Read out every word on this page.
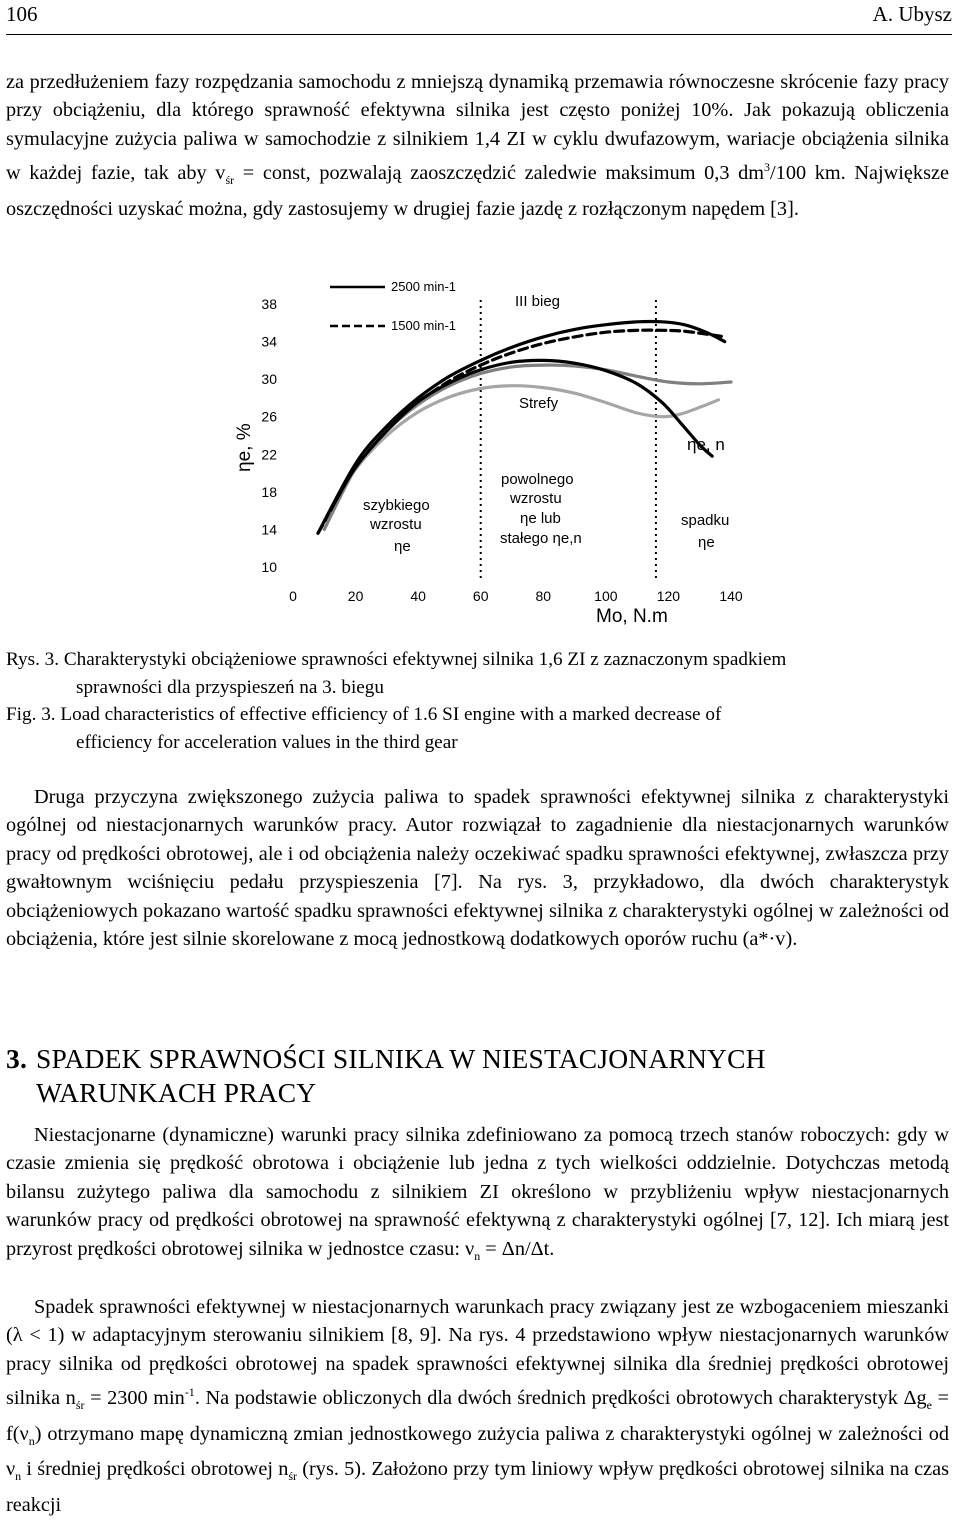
106	A. Ubysz

za przedłużeniem fazy rozpędzania samochodu z mniejszą dynamiką przemawia równoczesne skrócenie fazy pracy przy obciążeniu, dla którego sprawność efektywna silnika jest często poniżej 10%. Jak pokazują obliczenia symulacyjne zużycia paliwa w samochodzie z silnikiem 1,4 ZI w cyklu dwufazowym, wariacje obciążenia silnika w każdej fazie, tak aby $v_{śr}$ = const, pozwalają zaoszczędzić zaledwie maksimum 0,3 $dm^3/100$ km. Największe oszczędności uzyskać można, gdy zastosujemy w drugiej fazie jazdę z rozłączonym napędem [3].

38
34
30
26
22
18
14
10
0	20	40	60	80	100	120	140
2500 min-1
1500 min-1
III bieg
Strefy
szybkiego
wzrostu
ηe
powolnego
wzrostu
ηe lub
stałego ηe,n
spadku
ηe
ηe, n
ηe, %
Mo, N.m
Rys. 3. Charakterystyki obciążeniowe sprawności efektywnej silnika 1,6 ZI z zaznaczonym spadkiem
sprawności dla przyspieszeń na 3. biegu
Fig. 3. Load characteristics of effective efficiency of 1.6 SI engine with a marked decrease of
efficiency for acceleration values in the third gear

Druga przyczyna zwiększonego zużycia paliwa to spadek sprawności efektywnej silnika z charakterystyki ogólnej od niestacjonarnych warunków pracy. Autor rozwiązał to zagadnienie dla niestacjonarnych warunków pracy od prędkości obrotowej, ale i od obciążenia należy oczekiwać spadku sprawności efektywnej, zwłaszcza przy gwałtownym wciśnięciu pedału przyspieszenia [7]. Na rys. 3, przykładowo, dla dwóch charakterystyk obciążeniowych pokazano wartość spadku sprawności efektywnej silnika z charakterystyki ogólnej w zależności od obciążenia, które jest silnie skorelowane z mocą jednostkową dodatkowych oporów ruchu (a*·v).

3. SPADEK SPRAWNOŚCI SILNIKA W NIESTACJONARNYCH
WARUNKACH PRACY

Niestacjonarne (dynamiczne) warunki pracy silnika zdefiniowano za pomocą trzech stanów roboczych: gdy w czasie zmienia się prędkość obrotowa i obciążenie lub jedna z tych wielkości oddzielnie. Dotychczas metodą bilansu zużytego paliwa dla samochodu z silnikiem ZI określono w przybliżeniu wpływ niestacjonarnych warunków pracy od prędkości obrotowej na sprawność efektywną z charakterystyki ogólnej [7, 12]. Ich miarą jest przyrost prędkości obrotowej silnika w jednostce czasu: $\nu_n = \Delta n/\Delta t$.

Spadek sprawności efektywnej w niestacjonarnych warunkach pracy związany jest ze wzbogaceniem mieszanki (λ < 1) w adaptacyjnym sterowaniu silnikiem [8, 9]. Na rys. 4 przedstawiono wpływ niestacjonarnych warunków pracy silnika od prędkości obrotowej na spadek sprawności efektywnej silnika dla średniej prędkości obrotowej silnika $n_{śr} = 2300$ $\min^{-1}$. Na podstawie obliczonych dla dwóch średnich prędkości obrotowych charakterystyk $\Delta g_e = f(\nu_n)$ otrzymano mapę dynamiczną zmian jednostkowego zużycia paliwa z charakterystyki ogólnej w zależności od $\nu_n$ i średniej prędkości obrotowej $n_{śr}$ (rys. 5). Założono przy tym liniowy wpływ prędkości obrotowej silnika na czas reakcji
